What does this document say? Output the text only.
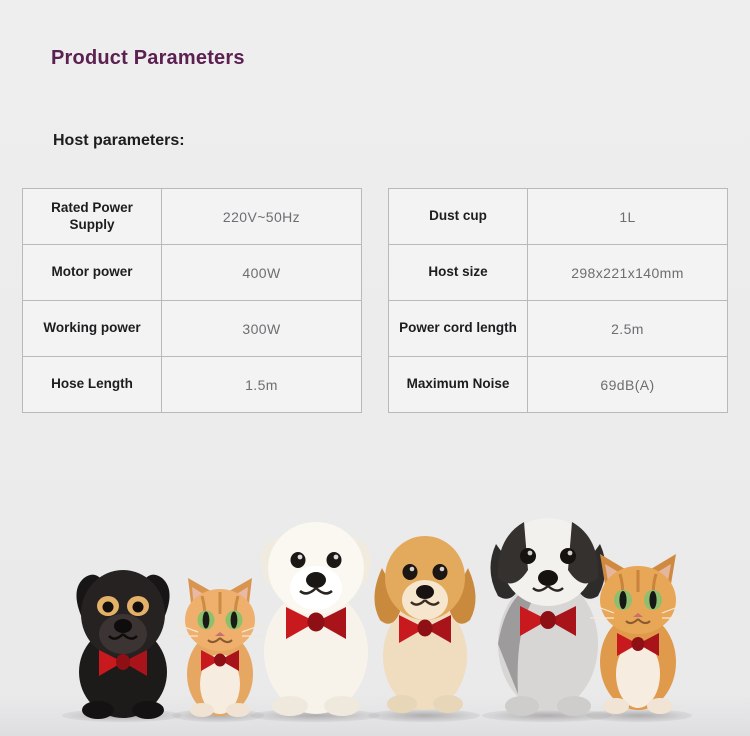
Product Parameters
Host parameters:
Rated Power Supply	220V~50Hz
Motor power	400W
Working power	300W
Hose Length	1.5m
Dust cup	1L
Host size	298x221x140mm
Power cord length	2.5m
Maximum Noise	69dB(A)
